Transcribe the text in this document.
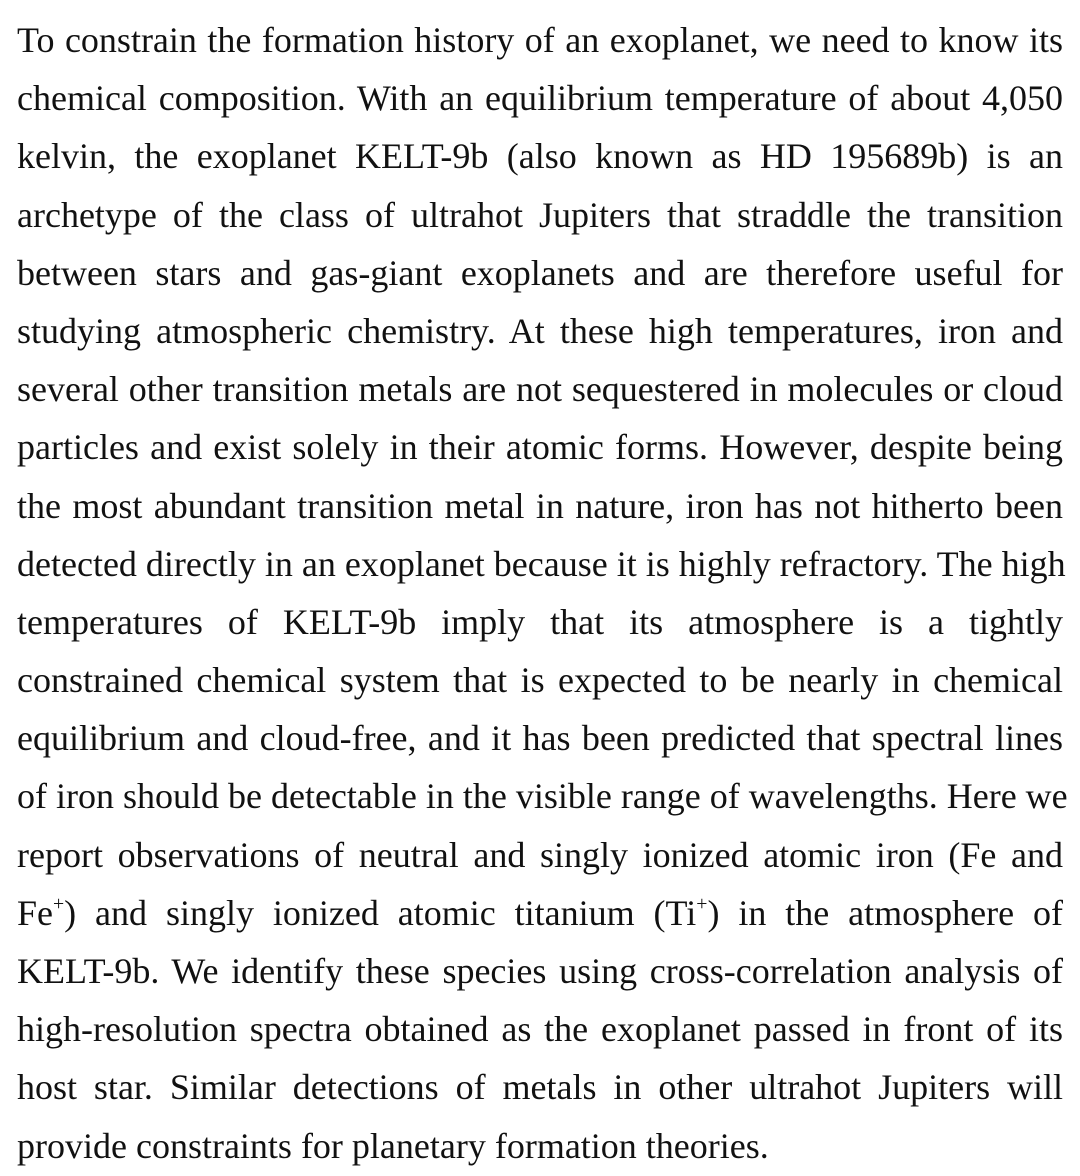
To constrain the formation history of an exoplanet, we need to know its
chemical composition. With an equilibrium temperature of about 4,050
kelvin, the exoplanet KELT-9b (also known as HD 195689b) is an
archetype of the class of ultrahot Jupiters that straddle the transition
between stars and gas-giant exoplanets and are therefore useful for
studying atmospheric chemistry. At these high temperatures, iron and
several other transition metals are not sequestered in molecules or cloud
particles and exist solely in their atomic forms. However, despite being
the most abundant transition metal in nature, iron has not hitherto been
detected directly in an exoplanet because it is highly refractory. The high
temperatures of KELT-9b imply that its atmosphere is a tightly
constrained chemical system that is expected to be nearly in chemical
equilibrium and cloud-free, and it has been predicted that spectral lines
of iron should be detectable in the visible range of wavelengths. Here we
report observations of neutral and singly ionized atomic iron (Fe and
Fe+) and singly ionized atomic titanium (Ti+) in the atmosphere of
KELT-9b. We identify these species using cross-correlation analysis of
high-resolution spectra obtained as the exoplanet passed in front of its
host star. Similar detections of metals in other ultrahot Jupiters will
provide constraints for planetary formation theories.
